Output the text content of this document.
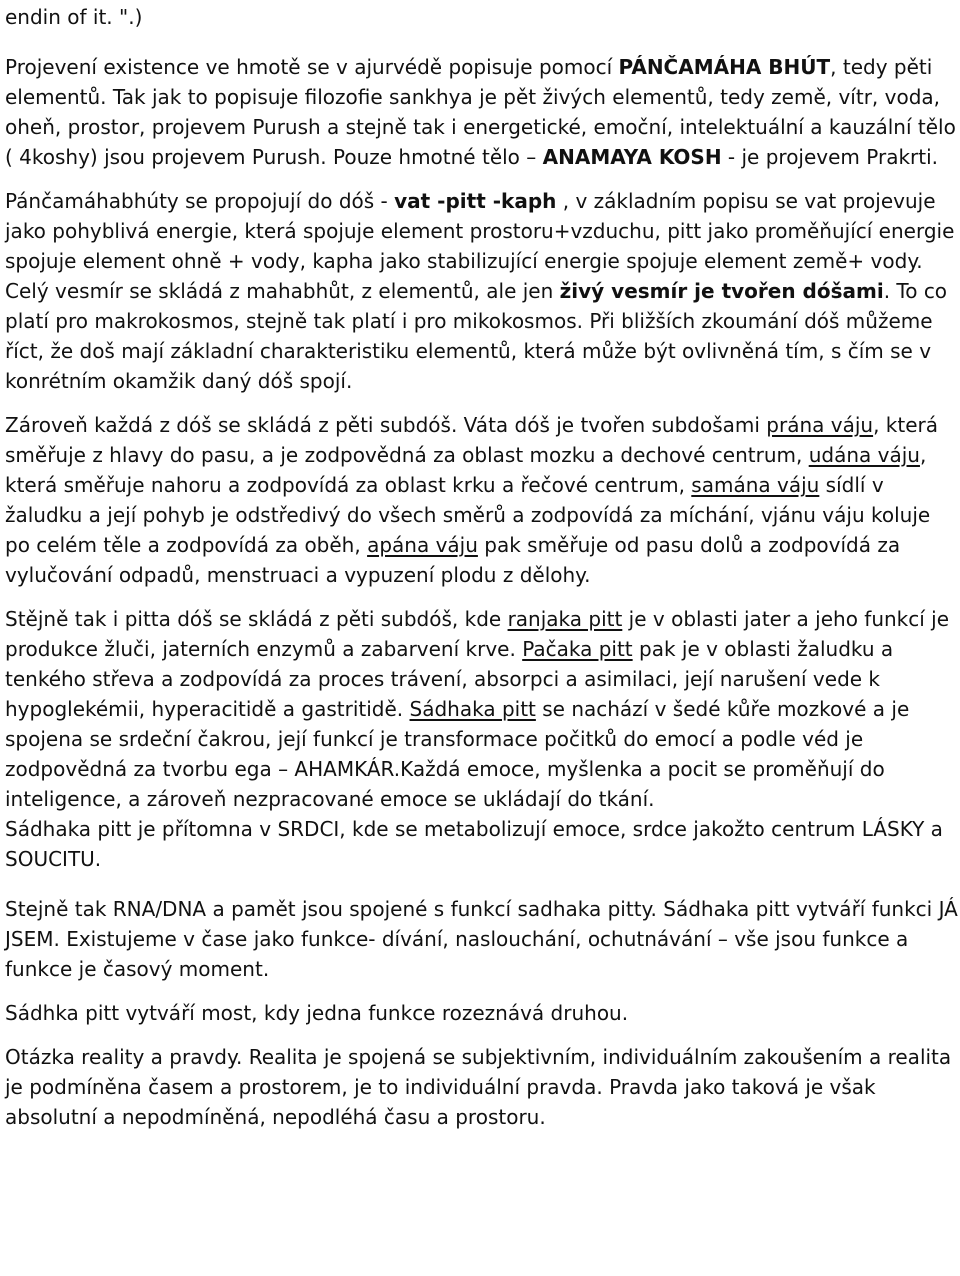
endin of it. ".)

Projevení existence ve hmotě se v ajurvédě popisuje pomocí PÁNČAMÁHA BHÚT, tedy pěti elementů. Tak jak to popisuje filozofie sankhya je pět živých elementů, tedy země, vítr, voda, oheň, prostor, projevem Purush a stejně tak i energetické, emoční, intelektuální a kauzální tělo ( 4koshy) jsou projevem Purush. Pouze hmotné tělo – ANAMAYA KOSH - je projevem Prakrti.

Pánčamáhabhúty se propojují do dóš - vat -pitt -kaph , v základním popisu se vat projevuje jako pohyblivá energie, která spojuje element prostoru+vzduchu, pitt jako proměňující energie spojuje element ohně + vody, kapha jako stabilizující energie spojuje element země+ vody. Celý vesmír se skládá z mahabhůt, z elementů, ale jen živý vesmír je tvořen dóšami. To co platí pro makrokosmos, stejně tak platí i pro mikokosmos. Při bližších zkoumání dóš můžeme říct, že doš mají základní charakteristiku elementů, která může být ovlivněná tím, s čím se v konrétním okamžik daný dóš spojí.

Zároveň každá z dóš se skládá z pěti subdóš. Váta dóš je tvořen subdošami prána váju, která směřuje z hlavy do pasu, a je zodpovědná za oblast mozku a dechové centrum, udána váju, která směřuje nahoru a zodpovídá za oblast krku a řečové centrum, samána váju sídlí v žaludku a její pohyb je odstředivý do všech směrů a zodpovídá za míchání, vjánu váju koluje po celém těle a zodpovídá za oběh, apána váju pak směřuje od pasu dolů a zodpovídá za vylučování odpadů, menstruaci a vypuzení plodu z dělohy.

Stějně tak i pitta dóš se skládá z pěti subdóš, kde ranjaka pitt je v oblasti jater a jeho funkcí je produkce žluči, jaterních enzymů a zabarvení krve. Pačaka pitt pak je v oblasti žaludku a tenkého střeva a zodpovídá za proces trávení, absorpci a asimilaci, její narušení vede k hypoglekémii, hyperacitidě a gastritidě. Sádhaka pitt se nachází v šedé kůře mozkové a je spojena se srdeční čakrou, její funkcí je transformace počitků do emocí a podle véd je zodpovědná za tvorbu ega – AHAMKÁR.Každá emoce, myšlenka a pocit se proměňují do inteligence, a zároveň nezpracované emoce se ukládají do tkání.

Sádhaka pitt je přítomna v SRDCI, kde se metabolizují emoce, srdce jakožto centrum LÁSKY a SOUCITU.

Stejně tak RNA/DNA a pamět jsou spojené s funkcí sadhaka pitty. Sádhaka pitt vytváří funkci JÁ JSEM. Existujeme v čase jako funkce- dívání, naslouchání, ochutnávání – vše jsou funkce a funkce je časový moment.

Sádhka pitt vytváří most, kdy jedna funkce rozeznává druhou.

Otázka reality a pravdy. Realita je spojená se subjektivním, individuálním zakoušením a realita je podmíněna časem a prostorem, je to individuální pravda. Pravda jako taková je však absolutní a nepodmíněná, nepodléhá času a prostoru.
